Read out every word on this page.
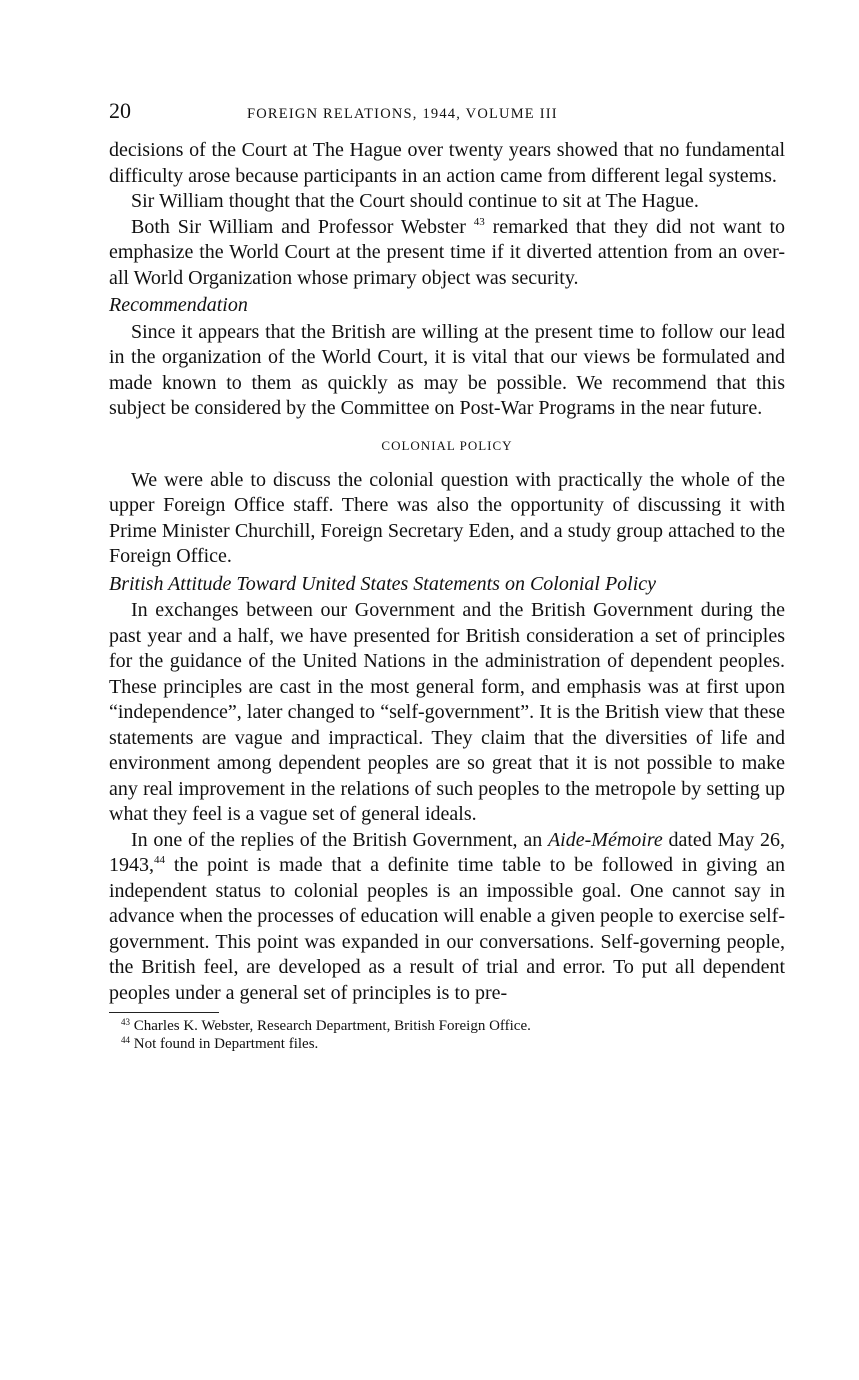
20	FOREIGN RELATIONS, 1944, VOLUME III

decisions of the Court at The Hague over twenty years showed that no fundamental difficulty arose because participants in an action came from different legal systems.

Sir William thought that the Court should continue to sit at The Hague.

Both Sir William and Professor Webster $^{43}$ remarked that they did not want to emphasize the World Court at the present time if it diverted attention from an over-all World Organization whose primary object was security.

Recommendation

Since it appears that the British are willing at the present time to follow our lead in the organization of the World Court, it is vital that our views be formulated and made known to them as quickly as may be possible. We recommend that this subject be considered by the Committee on Post-War Programs in the near future.

COLONIAL POLICY

We were able to discuss the colonial question with practically the whole of the upper Foreign Office staff. There was also the opportunity of discussing it with Prime Minister Churchill, Foreign Secretary Eden, and a study group attached to the Foreign Office.

British Attitude Toward United States Statements on Colonial Policy

In exchanges between our Government and the British Government during the past year and a half, we have presented for British consideration a set of principles for the guidance of the United Nations in the administration of dependent peoples. These principles are cast in the most general form, and emphasis was at first upon “independence”, later changed to “self-government”. It is the British view that these statements are vague and impractical. They claim that the diversities of life and environment among dependent peoples are so great that it is not possible to make any real improvement in the relations of such peoples to the metropole by setting up what they feel is a vague set of general ideals.

In one of the replies of the British Government, an Aide-Mémoire dated May 26, 1943,44 the point is made that a definite time table to be followed in giving an independent status to colonial peoples is an impossible goal. One cannot say in advance when the processes of education will enable a given people to exercise self-government. This point was expanded in our conversations. Self-governing people, the British feel, are developed as a result of trial and error. To put all dependent peoples under a general set of principles is to pre-

$^{43}$ Charles K. Webster, Research Department, British Foreign Office.

$^{44}$ Not found in Department files.
